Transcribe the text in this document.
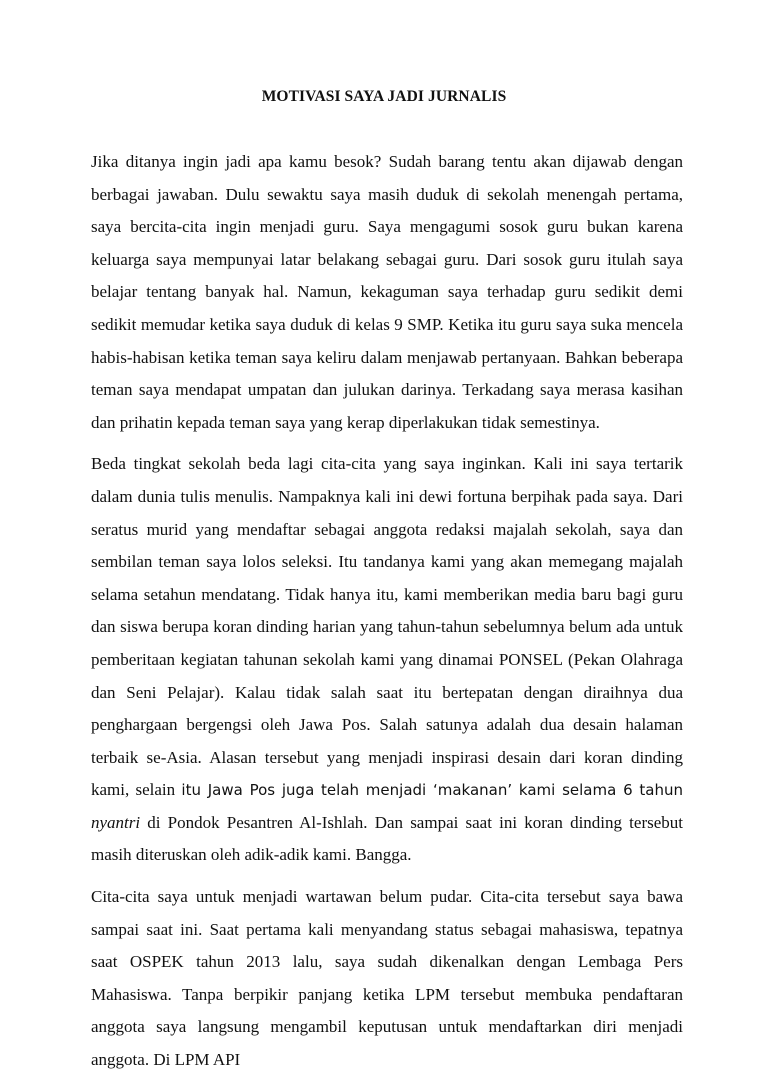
MOTIVASI SAYA JADI JURNALIS

Jika ditanya ingin jadi apa kamu besok? Sudah barang tentu akan dijawab dengan berbagai jawaban. Dulu sewaktu saya masih duduk di sekolah menengah pertama, saya bercita-cita ingin menjadi guru. Saya mengagumi sosok guru bukan karena keluarga saya mempunyai latar belakang sebagai guru. Dari sosok guru itulah saya belajar tentang banyak hal. Namun, kekaguman saya terhadap guru sedikit demi sedikit memudar ketika saya duduk di kelas 9 SMP. Ketika itu guru saya suka mencela habis-habisan ketika teman saya keliru dalam menjawab pertanyaan. Bahkan beberapa teman saya mendapat umpatan dan julukan darinya. Terkadang saya merasa kasihan dan prihatin kepada teman saya yang kerap diperlakukan tidak semestinya.

Beda tingkat sekolah beda lagi cita-cita yang saya inginkan. Kali ini saya tertarik dalam dunia tulis menulis. Nampaknya kali ini dewi fortuna berpihak pada saya. Dari seratus murid yang mendaftar sebagai anggota redaksi majalah sekolah, saya dan sembilan teman saya lolos seleksi. Itu tandanya kami yang akan memegang majalah selama setahun mendatang. Tidak hanya itu, kami memberikan media baru bagi guru dan siswa berupa koran dinding harian yang tahun-tahun sebelumnya belum ada untuk pemberitaan kegiatan tahunan sekolah kami yang dinamai PONSEL (Pekan Olahraga dan Seni Pelajar). Kalau tidak salah saat itu bertepatan dengan diraihnya dua penghargaan bergengsi oleh Jawa Pos. Salah satunya adalah dua desain halaman terbaik se-Asia. Alasan tersebut yang menjadi inspirasi desain dari koran dinding kami, selain itu Jawa Pos juga telah menjadi ‘makanan’ kami selama 6 tahun nyantri di Pondok Pesantren Al-Ishlah. Dan sampai saat ini koran dinding tersebut masih diteruskan oleh adik-adik kami. Bangga.

Cita-cita saya untuk menjadi wartawan belum pudar. Cita-cita tersebut saya bawa sampai saat ini. Saat pertama kali menyandang status sebagai mahasiswa, tepatnya saat OSPEK tahun 2013 lalu, saya sudah dikenalkan dengan Lembaga Pers Mahasiswa. Tanpa berpikir panjang ketika LPM tersebut membuka pendaftaran anggota saya langsung mengambil keputusan untuk mendaftarkan diri menjadi anggota. Di LPM API
